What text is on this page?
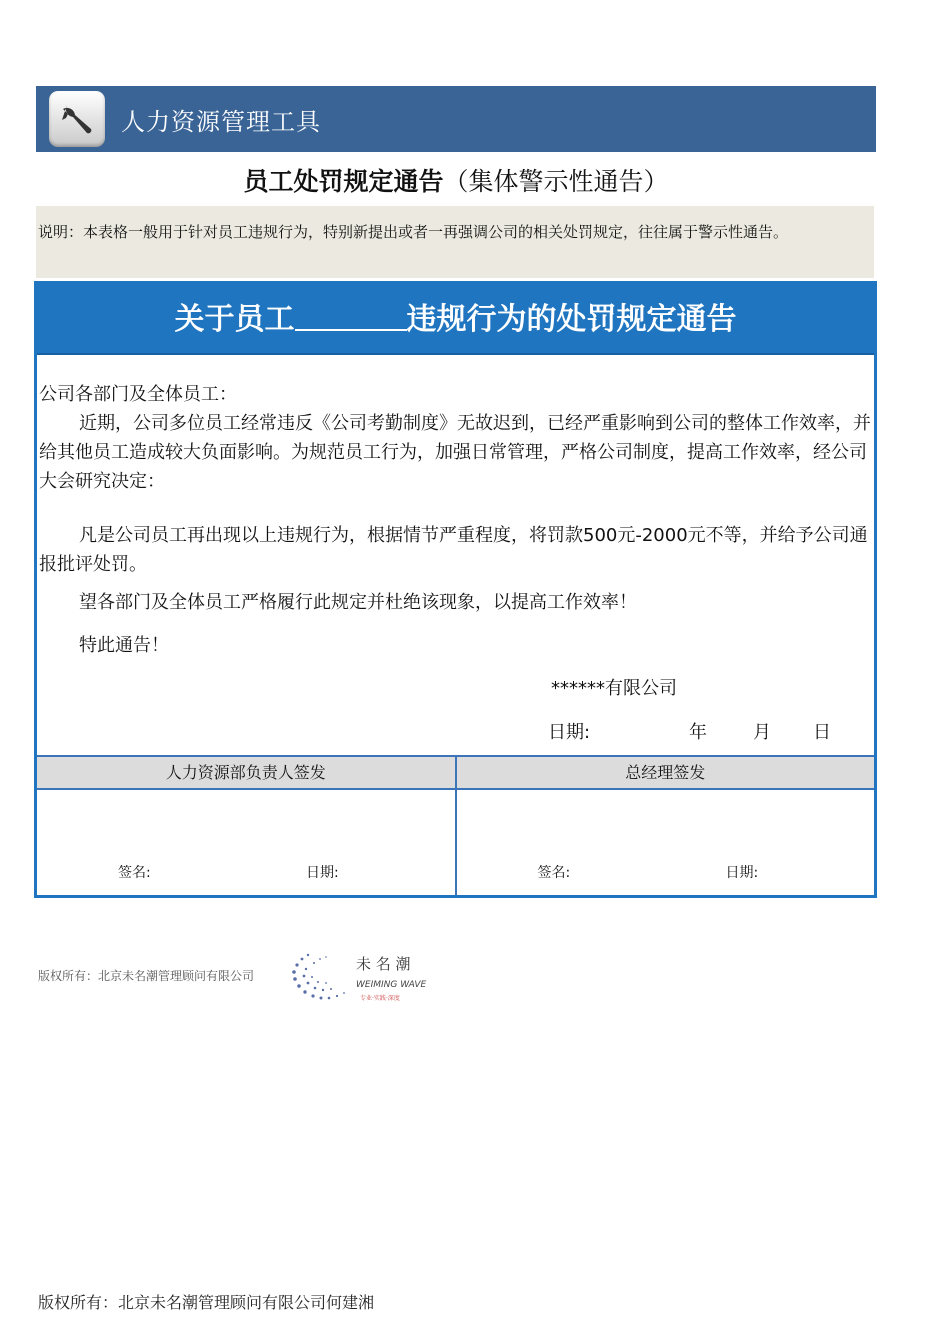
人力资源管理工具
员工处罚规定通告（集体警示性通告）
说明：本表格一般用于针对员工违规行为，特别新提出或者一再强调公司的相关处罚规定，往往属于警示性通告。
关于员工	违规行为的处罚规定通告
公司各部门及全体员工：
近期，公司多位员工经常违反《公司考勤制度》无故迟到，已经严重影响到公司的整体工作效率，并给其他员工造成较大负面影响。为规范员工行为，加强日常管理，严格公司制度，提高工作效率，经公司大会研究决定：
凡是公司员工再出现以上违规行为，根据情节严重程度，将罚款500元-2000元不等，并给予公司通报批评处罚。
望各部门及全体员工严格履行此规定并杜绝该现象，以提高工作效率！
特此通告！
******有限公司
日期:	年	月	日
人力资源部负责人签发	总经理签发
签名:	日期:	签名:	日期:
版权所有：北京未名潮管理顾问有限公司
未 名 潮
WEIMING WAVE
专业·实践·深度
版权所有：北京未名潮管理顾问有限公司何建湘
